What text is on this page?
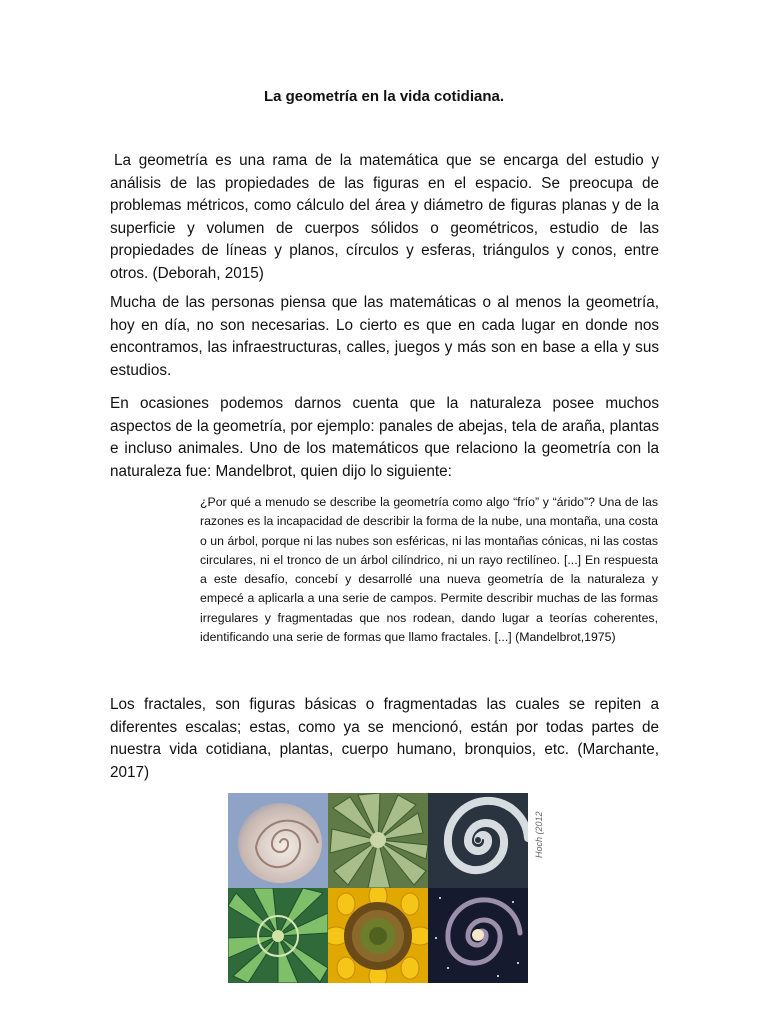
La geometría en la vida cotidiana.

La geometría es una rama de la matemática que se encarga del estudio y análisis de las propiedades de las figuras en el espacio. Se preocupa de problemas métricos, como cálculo del área y diámetro de figuras planas y de la superficie y volumen de cuerpos sólidos o geométricos, estudio de las propiedades de líneas y planos, círculos y esferas, triángulos y conos, entre otros. (Deborah, 2015)

Mucha de las personas piensa que las matemáticas o al menos la geometría, hoy en día, no son necesarias. Lo cierto es que en cada lugar en donde nos encontramos, las infraestructuras, calles, juegos y más son en base a ella y sus estudios.

En ocasiones podemos darnos cuenta que la naturaleza posee muchos aspectos de la geometría, por ejemplo: panales de abejas, tela de araña, plantas e incluso animales. Uno de los matemáticos que relaciono la geometría con la naturaleza fue: Mandelbrot, quien dijo lo siguiente:

¿Por qué a menudo se describe la geometría como algo “frío” y “árido”? Una de las razones es la incapacidad de describir la forma de la nube, una montaña, una costa o un árbol, porque ni las nubes son esféricas, ni las montañas cónicas, ni las costas circulares, ni el tronco de un árbol cilíndrico, ni un rayo rectilíneo. [...] En respuesta a este desafío, concebí y desarrollé una nueva geometría de la naturaleza y empecé a aplicarla a una serie de campos. Permite describir muchas de las formas irregulares y fragmentadas que nos rodean, dando lugar a teorías coherentes, identificando una serie de formas que llamo fractales. [...] (Mandelbrot,1975)

Los fractales, son figuras básicas o fragmentadas las cuales se repiten a diferentes escalas; estas, como ya se mencionó, están por todas partes de nuestra vida cotidiana, plantas, cuerpo humano, bronquios, etc. (Marchante, 2017)

Hoch (2012
